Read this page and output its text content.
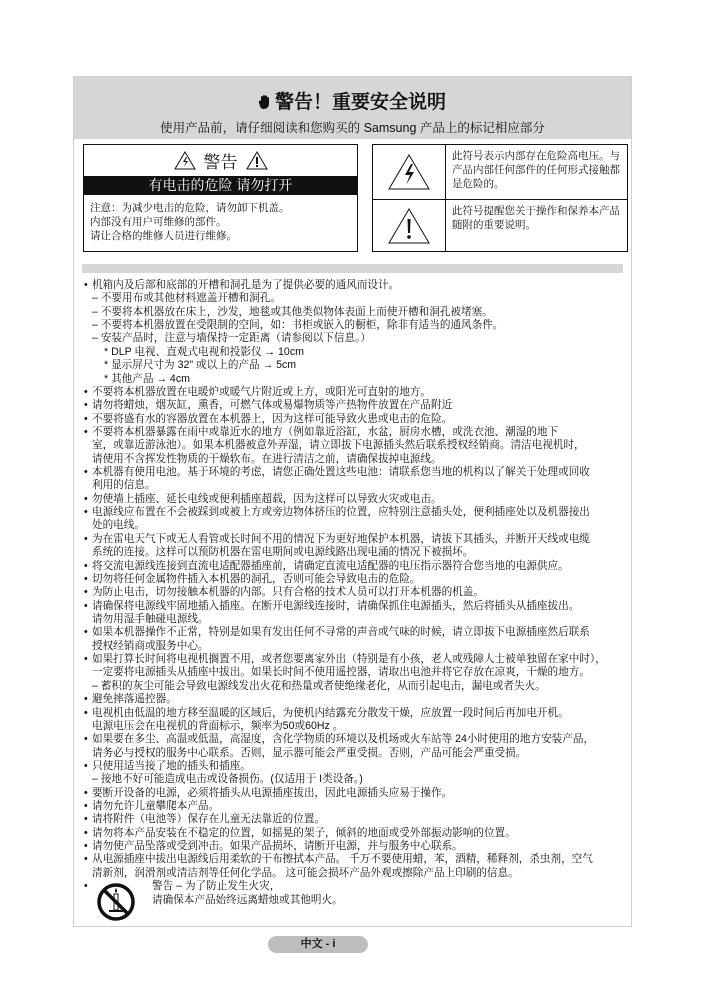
警告！重要安全说明
使用产品前，请仔细阅读和您购买的 Samsung 产品上的标记相应部分
警告
有电击的危险 请勿打开
注意：为减少电击的危险，请勿卸下机盖。
内部没有用户可维修的部件。
请让合格的维修人员进行维修。
此符号表示内部存在危险高电压。与产品内部任何部件的任何形式接触都是危险的。
此符号提醒您关于操作和保养本产品随附的重要说明。
• 机箱内及后部和底部的开槽和洞孔是为了提供必要的通风而设计。
– 不要用布或其他材料遮盖开槽和洞孔。
– 不要将本机器放在床上，沙发，地毯或其他类似物体表面上而使开槽和洞孔被堵塞。
– 不要将本机器放置在受限制的空间，如：书柜或嵌入的橱柜，除非有适当的通风条件。
– 安装产品时，注意与墙保持一定距离（请参阅以下信息。）
* DLP 电视、直观式电视和投影仪 → 10cm
* 显示屏尺寸为 32" 或以上的产品 → 5cm
* 其他产品 → 4cm
• 不要将本机器放置在电暖炉或暖气片附近或上方，或阳光可直射的地方。
• 请勿将蜡烛，烟灰缸，熏香，可燃气体或易爆物质等产热物件放置在产品附近
• 不要将盛有水的容器放置在本机器上，因为这样可能导致火患或电击的危险。
• 不要将本机器暴露在雨中或靠近水的地方（例如靠近浴缸，水盆，厨房水槽，或洗衣池、潮湿的地下
室，或靠近游泳池）。如果本机器被意外弄湿，请立即拔下电源插头然后联系授权经销商。清洁电视机时，
请使用不含挥发性物质的干燥软布。在进行清洁之前，请确保拔掉电源线。
• 本机器有使用电池。基于环境的考虑，请您正确处置这些电池：请联系您当地的机构以了解关于处理或回收
利用的信息。
• 勿使墙上插座、延长电线或便利插座超载，因为这样可以导致火灾或电击。
• 电源线应布置在不会被踩到或被上方或旁边物体挤压的位置，应特别注意插头处，便利插座处以及机器接出
处的电线。
• 为在雷电天气下或无人看管或长时间不用的情况下为更好地保护本机器，请拔下其插头，并断开天线或电缆
系统的连接。这样可以预防机器在雷电期间或电源线路出现电涌的情况下被损坏。
• 将交流电源线连接到直流电适配器插座前，请确定直流电适配器的电压指示器符合您当地的电源供应。
• 切勿将任何金属物件插入本机器的洞孔，否则可能会导致电击的危险。
• 为防止电击，切勿接触本机器的内部。只有合格的技术人员可以打开本机器的机盖。
• 请确保将电源线牢固地插入插座。在断开电源线连接时，请确保抓住电源插头，然后将插头从插座拔出。
请勿用湿手触碰电源线。
• 如果本机器操作不正常，特别是如果有发出任何不寻常的声音或气味的时候，请立即拔下电源插座然后联系
授权经销商或服务中心。
• 如果打算长时间将电视机搁置不用，或者您要离家外出（特别是有小孩，老人或残障人士被单独留在家中时），
一定要将电源插头从插座中拔出。如果长时间不使用遥控器，请取出电池并将它存放在凉爽，干燥的地方。
– 蓄积的灰尘可能会导致电源线发出火花和热量或者使绝缘老化，从而引起电击，漏电或者失火。
• 避免摔落遥控器。
• 电视机由低温的地方移至温暖的区域后，为使机内结露充分散发干燥，应放置一段时间后再加电开机。
电源电压会在电视机的背面标示，频率为50或60Hz 。
• 如果要在多尘、高温或低温，高湿度，含化学物质的环境以及机场或火车站等 24小时使用的地方安装产品，
请务必与授权的服务中心联系。否则，显示器可能会严重受损。否则，产品可能会严重受损。
• 只使用适当接了地的插头和插座。
– 接地不好可能造成电击或设备损伤。(仅适用于 I类设备。)
• 要断开设备的电源，必须将插头从电源插座拔出，因此电源插头应易于操作。
• 请勿允许儿童攀爬本产品。
• 请将附件（电池等）保存在儿童无法靠近的位置。
• 请勿将本产品安装在不稳定的位置，如摇晃的架子，倾斜的地面或受外部振动影响的位置。
• 请勿使产品坠落或受到冲击。如果产品损坏，请断开电源，并与服务中心联系。
• 从电源插座中拔出电源线后用柔软的干布擦拭本产品。 千万不要使用蜡，苯，酒精，稀释剂，杀虫剂，空气
清新剂，润滑剂或清洁剂等任何化学品。 这可能会损坏产品外观或擦除产品上印刷的信息。
•	警告 – 为了防止发生火灾，
请确保本产品始终远离蜡烛或其他明火。
中文 - i
